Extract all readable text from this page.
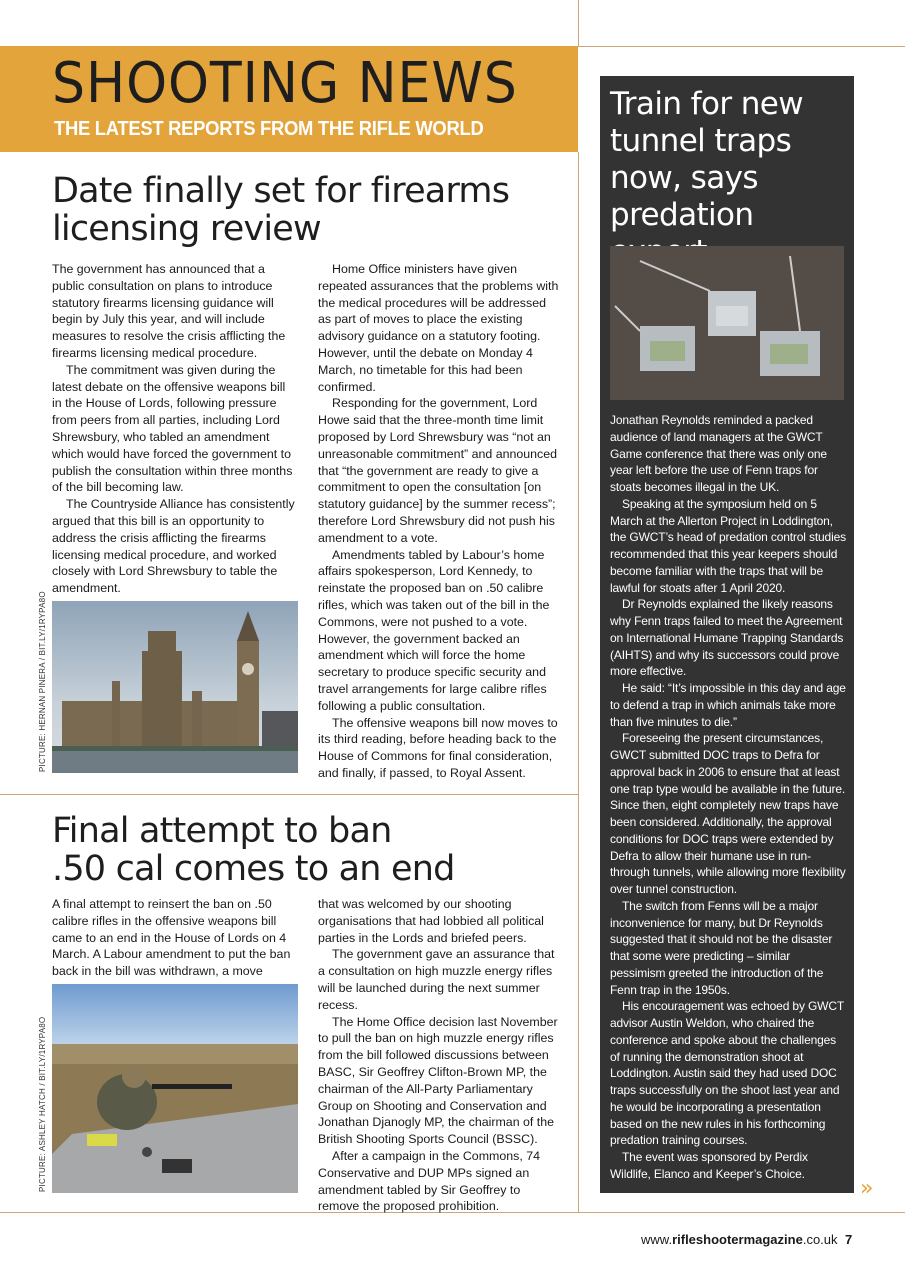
SHOOTING NEWS
THE LATEST REPORTS FROM THE RIFLE WORLD
Date finally set for firearms
licensing review

The government has announced that a public consultation on plans to introduce statutory firearms licensing guidance will begin by July this year, and will include measures to resolve the crisis afflicting the firearms licensing medical procedure.

The commitment was given during the latest debate on the offensive weapons bill in the House of Lords, following pressure from peers from all parties, including Lord Shrewsbury, who tabled an amendment which would have forced the government to publish the consultation within three months of the bill becoming law.

The Countryside Alliance has consistently argued that this bill is an opportunity to address the crisis afflicting the firearms licensing medical procedure, and worked closely with Lord Shrewsbury to table the amendment.

PICTURE: HERNAN PINERA / BIT.LY/1RYPA8O

Home Office ministers have given repeated assurances that the problems with the medical procedures will be addressed as part of moves to place the existing advisory guidance on a statutory footing. However, until the debate on Monday 4 March, no timetable for this had been confirmed.

Responding for the government, Lord Howe said that the three-month time limit proposed by Lord Shrewsbury was “not an unreasonable commitment” and announced that “the government are ready to give a commitment to open the consultation [on statutory guidance] by the summer recess”; therefore Lord Shrewsbury did not push his amendment to a vote.

Amendments tabled by Labour’s home affairs spokesperson, Lord Kennedy, to reinstate the proposed ban on .50 calibre rifles, which was taken out of the bill in the Commons, were not pushed to a vote. However, the government backed an amendment which will force the home secretary to produce specific security and travel arrangements for large calibre rifles following a public consultation.

The offensive weapons bill now moves to its third reading, before heading back to the House of Commons for final consideration, and finally, if passed, to Royal Assent.

Final attempt to ban
.50 cal comes to an end

A final attempt to reinsert the ban on .50 calibre rifles in the offensive weapons bill came to an end in the House of Lords on 4 March. A Labour amendment to put the ban back in the bill was withdrawn, a move

PICTURE: ASHLEY HATCH / BIT.LY/1RYPA8O

that was welcomed by our shooting organisations that had lobbied all political parties in the Lords and briefed peers.

The government gave an assurance that a consultation on high muzzle energy rifles will be launched during the next summer recess.

The Home Office decision last November to pull the ban on high muzzle energy rifles from the bill followed discussions between BASC, Sir Geoffrey Clifton-Brown MP, the chairman of the All-Party Parliamentary Group on Shooting and Conservation and Jonathan Djanogly MP, the chairman of the British Shooting Sports Council (BSSC).

After a campaign in the Commons, 74 Conservative and DUP MPs signed an amendment tabled by Sir Geoffrey to remove the proposed prohibition.

Train for new tunnel traps now, says predation

Jonathan Reynolds reminded a packed audience of land managers at the GWCT Game conference that there was only one year left before the use of Fenn traps for stoats becomes illegal in the UK.

Speaking at the symposium held on 5 March at the Allerton Project in Loddington, the GWCT’s head of predation control studies recommended that this year keepers should become familiar with the traps that will be lawful for stoats after 1 April 2020.

Dr Reynolds explained the likely reasons why Fenn traps failed to meet the Agreement on International Humane Trapping Standards (AIHTS) and why its successors could prove more effective.

He said: “It’s impossible in this day and age to defend a trap in which animals take more than five minutes to die.”

Foreseeing the present circumstances, GWCT submitted DOC traps to Defra for approval back in 2006 to ensure that at least one trap type would be available in the future. Since then, eight completely new traps have been considered. Additionally, the approval conditions for DOC traps were extended by Defra to allow their humane use in run-through tunnels, while allowing more flexibility over tunnel construction.

The switch from Fenns will be a major inconvenience for many, but Dr Reynolds suggested that it should not be the disaster that some were predicting – similar pessimism greeted the introduction of the Fenn trap in the 1950s.

His encouragement was echoed by GWCT advisor Austin Weldon, who chaired the conference and spoke about the challenges of running the demonstration shoot at Loddington. Austin said they had used DOC traps successfully on the shoot last year and he would be incorporating a presentation based on the new rules in his forthcoming predation training courses.

The event was sponsored by Perdix Wildlife, Elanco and Keeper’s Choice.

»
www.rifleshootermagazine.co.uk 7
